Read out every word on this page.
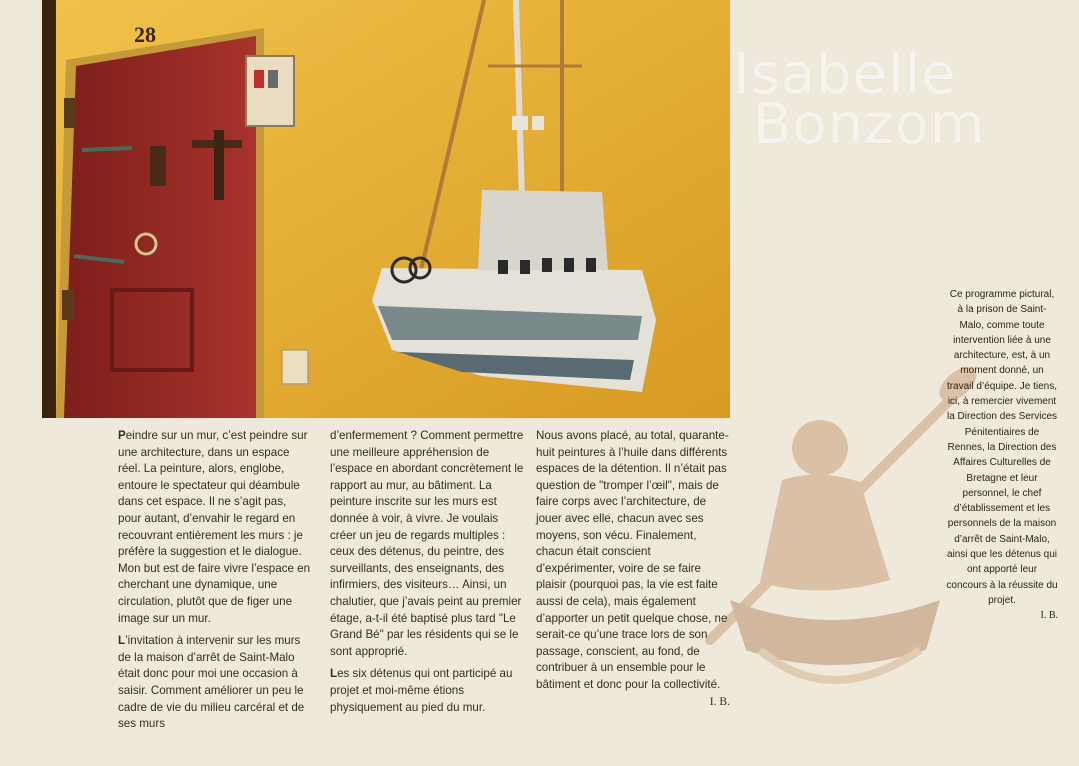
28
Isabelle
Bonzom

Peindre sur un mur, c’est peindre sur une architecture, dans un espace réel. La peinture, alors, englobe, entoure le spectateur qui déambule dans cet espace. Il ne s’agit pas, pour autant, d’envahir le regard en recouvrant entièrement les murs : je préfère la suggestion et le dialogue. Mon but est de faire vivre l’espace en cherchant une dynamique, une circulation, plutôt que de figer une image sur un mur.

L’invitation à intervenir sur les murs de la maison d’arrêt de Saint-Malo était donc pour moi une occasion à saisir. Comment améliorer un peu le cadre de vie du milieu carcéral et de ses murs

d’enfermement ? Comment permettre une meilleure appréhension de l’espace en abordant concrètement le rapport au mur, au bâtiment. La peinture inscrite sur les murs est donnée à voir, à vivre. Je voulais créer un jeu de regards multiples : ceux des détenus, du peintre, des surveillants, des enseignants, des infirmiers, des visiteurs… Ainsi, un chalutier, que j’avais peint au premier étage, a-t-il été baptisé plus tard "Le Grand Bé" par les résidents qui se le sont approprié.

Les six détenus qui ont participé au projet et moi-même étions physiquement au pied du mur.

Nous avons placé, au total, quarante-huit peintures à l’huile dans différents espaces de la détention. Il n’était pas question de "tromper l’œil", mais de faire corps avec l’architecture, de jouer avec elle, chacun avec ses moyens, son vécu. Finalement, chacun était conscient d’expérimenter, voire de se faire plaisir (pourquoi pas, la vie est faite aussi de cela), mais également d’apporter un petit quelque chose, ne serait-ce qu’une trace lors de son passage, conscient, au fond, de contribuer à un ensemble pour le bâtiment et donc pour la collectivité.
I. B.

Ce programme pictural, à la prison de Saint-Malo, comme toute intervention liée à une architecture, est, à un moment donné, un travail d’équipe. Je tiens, ici, à remercier vivement la Direction des Services Pénitentiaires de Rennes, la Direction des Affaires Culturelles de Bretagne et leur personnel, le chef d’établissement et les personnels de la maison d’arrêt de Saint-Malo, ainsi que les détenus qui ont apporté leur concours à la réussite du projet.
I. B.
